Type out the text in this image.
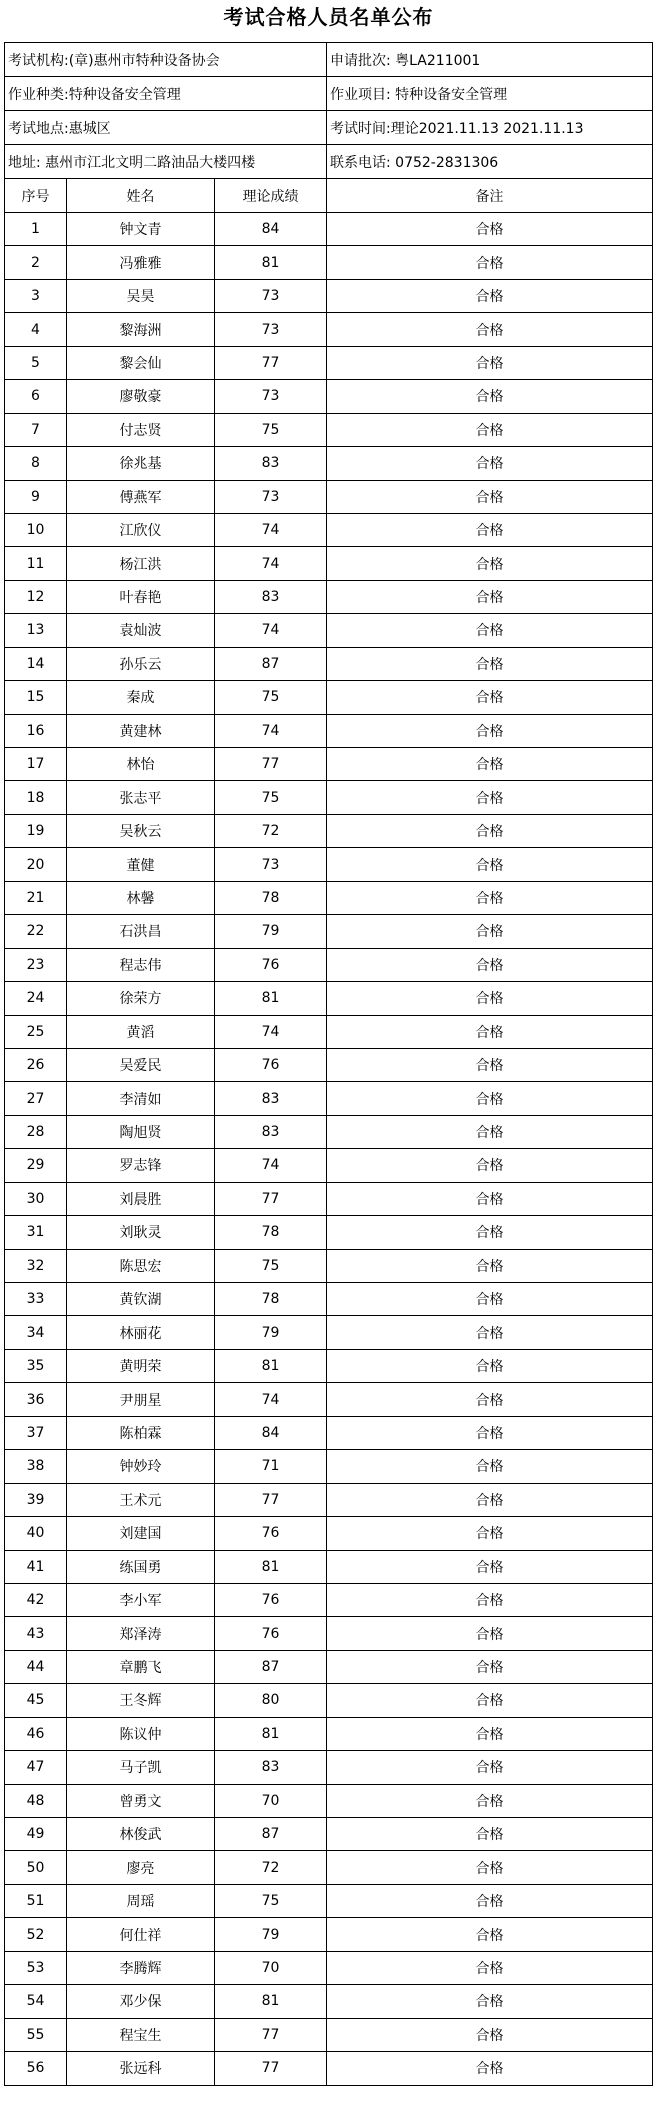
考试合格人员名单公布
考试机构:(章)惠州市特种设备协会			申请批次: 粤LA211001
作业种类:特种设备安全管理			作业项目: 特种设备安全管理
考试地点:惠城区			考试时间:理论2021.11.13 2021.11.13
地址: 惠州市江北文明二路油品大楼四楼			联系电话: 0752-2831306
序号	姓名	理论成绩	备注
1	钟文青	84	合格
2	冯雅雅	81	合格
3	吴昊	73	合格
4	黎海洲	73	合格
5	黎会仙	77	合格
6	廖敬豪	73	合格
7	付志贤	75	合格
8	徐兆基	83	合格
9	傅燕军	73	合格
10	江欣仪	74	合格
11	杨江洪	74	合格
12	叶春艳	83	合格
13	袁灿波	74	合格
14	孙乐云	87	合格
15	秦成	75	合格
16	黄建林	74	合格
17	林怡	77	合格
18	张志平	75	合格
19	吴秋云	72	合格
20	董健	73	合格
21	林馨	78	合格
22	石洪昌	79	合格
23	程志伟	76	合格
24	徐荣方	81	合格
25	黄滔	74	合格
26	吴爱民	76	合格
27	李清如	83	合格
28	陶旭贤	83	合格
29	罗志锋	74	合格
30	刘晨胜	77	合格
31	刘耿灵	78	合格
32	陈思宏	75	合格
33	黄钦湖	78	合格
34	林丽花	79	合格
35	黄明荣	81	合格
36	尹朋星	74	合格
37	陈柏霖	84	合格
38	钟妙玲	71	合格
39	王术元	77	合格
40	刘建国	76	合格
41	练国勇	81	合格
42	李小军	76	合格
43	郑泽涛	76	合格
44	章鹏飞	87	合格
45	王冬辉	80	合格
46	陈议仲	81	合格
47	马子凯	83	合格
48	曾勇文	70	合格
49	林俊武	87	合格
50	廖亮	72	合格
51	周瑶	75	合格
52	何仕祥	79	合格
53	李腾辉	70	合格
54	邓少保	81	合格
55	程宝生	77	合格
56	张远科	77	合格
